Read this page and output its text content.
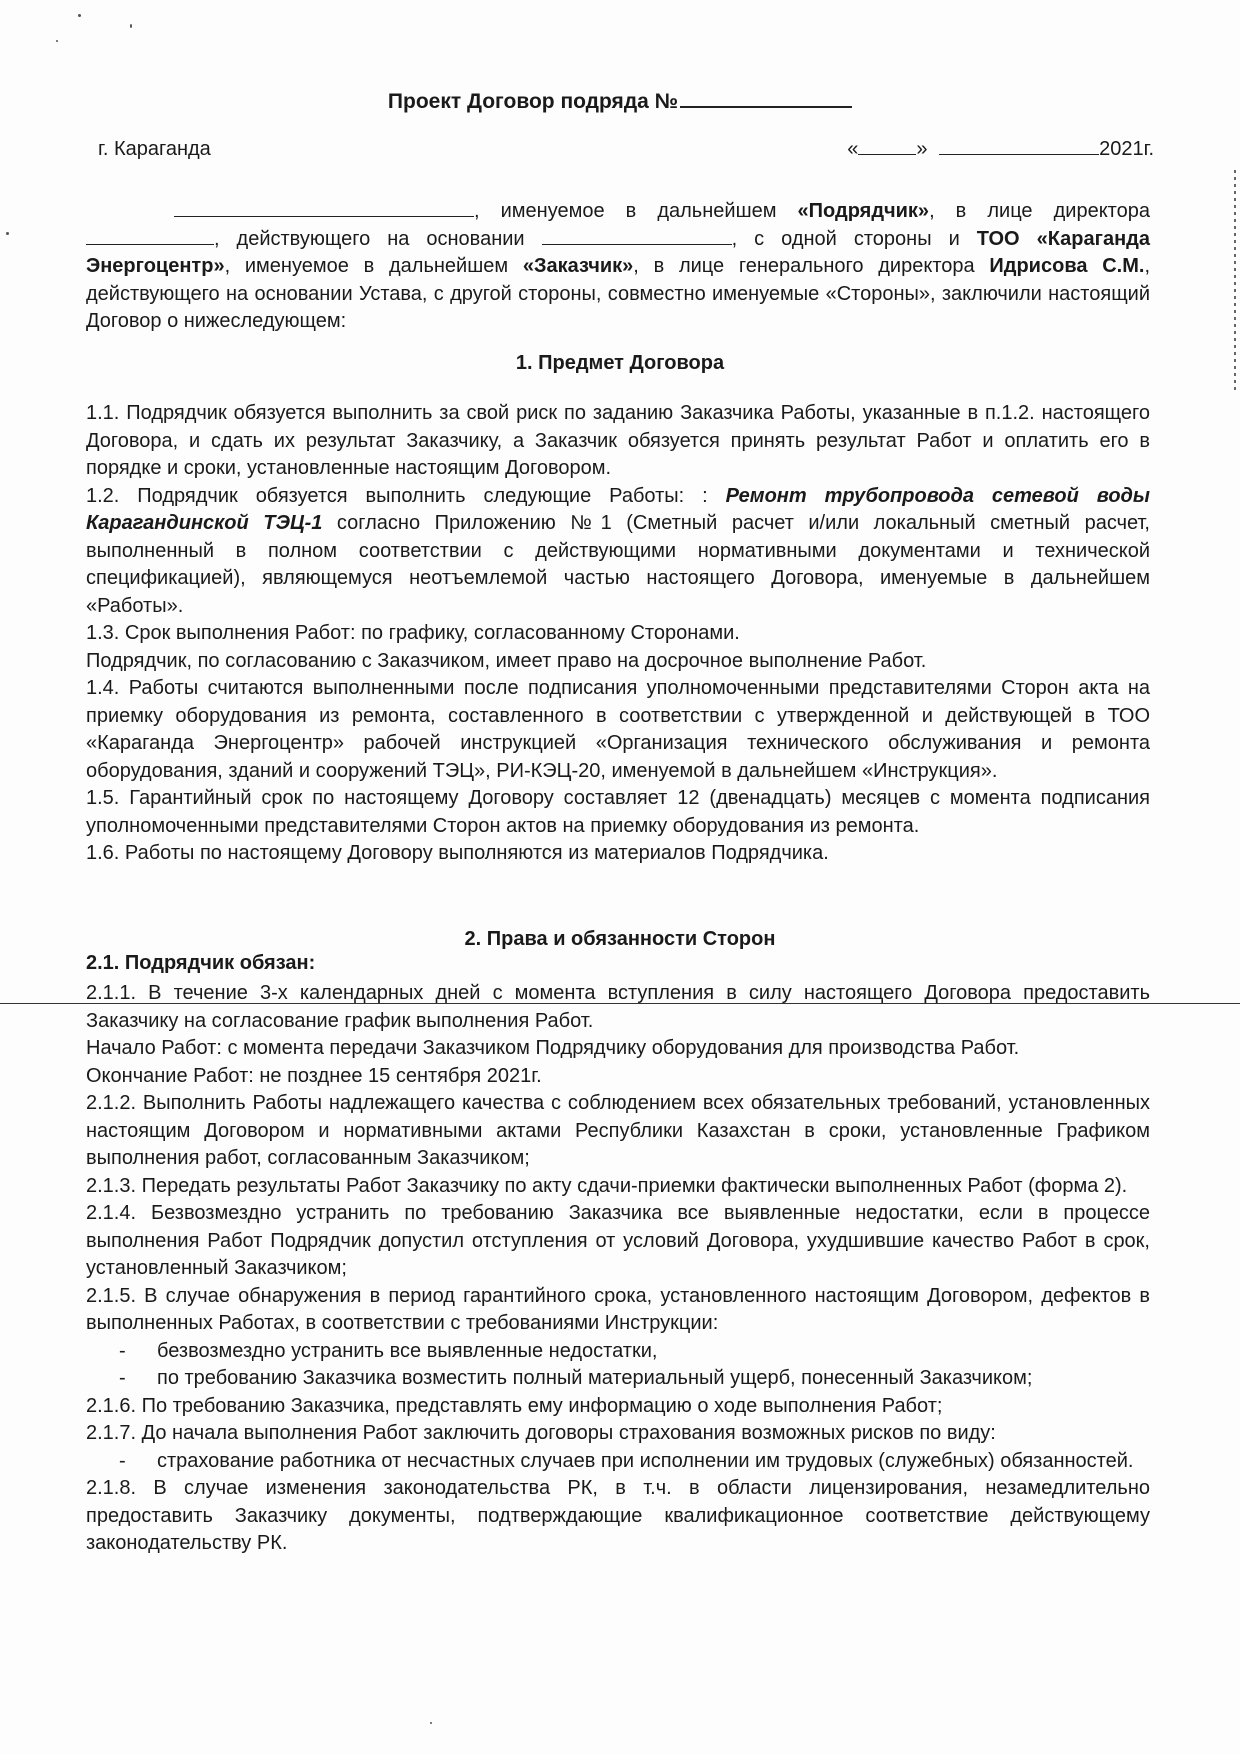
Проект Договор подряда №
г. Караганда	«	»	2021г.

, именуемое в дальнейшем «Подрядчик», в лице директора , действующего на основании	, с одной стороны и ТОО «Караганда Энергоцентр», именуемое в дальнейшем «Заказчик», в лице генерального директора Идрисова С.М., действующего на основании Устава, с другой стороны, совместно именуемые «Стороны», заключили настоящий Договор о нижеследующем:

1. Предмет Договора

1.1. Подрядчик обязуется выполнить за свой риск по заданию Заказчика Работы, указанные в п.1.2. настоящего Договора, и сдать их результат Заказчику, а Заказчик обязуется принять результат Работ и оплатить его в порядке и сроки, установленные настоящим Договором.

1.2. Подрядчик обязуется выполнить следующие Работы: : Ремонт трубопровода сетевой воды Карагандинской ТЭЦ-1 согласно Приложению №1 (Сметный расчет и/или локальный сметный расчет, выполненный в полном соответствии с действующими нормативными документами и технической спецификацией), являющемуся неотъемлемой частью настоящего Договора, именуемые в дальнейшем «Работы».

1.3. Срок выполнения Работ: по графику, согласованному Сторонами.

Подрядчик, по согласованию с Заказчиком, имеет право на досрочное выполнение Работ.

1.4. Работы считаются выполненными после подписания уполномоченными представителями Сторон акта на приемку оборудования из ремонта, составленного в соответствии с утвержденной и действующей в ТОО «Караганда Энергоцентр» рабочей инструкцией «Организация технического обслуживания и ремонта оборудования, зданий и сооружений ТЭЦ», РИ-КЭЦ-20, именуемой в дальнейшем «Инструкция».

1.5. Гарантийный срок по настоящему Договору составляет 12 (двенадцать) месяцев с момента подписания уполномоченными представителями Сторон актов на приемку оборудования из ремонта.

1.6. Работы по настоящему Договору выполняются из материалов Подрядчика.

2. Права и обязанности Сторон
2.1. Подрядчик обязан:

2.1.1. В течение 3-х календарных дней с момента вступления в силу настоящего Договора предоставить Заказчику на согласование график выполнения Работ.

Начало Работ: с момента передачи Заказчиком Подрядчику оборудования для производства Работ.

Окончание Работ: не позднее 15 сентября 2021г.

2.1.2. Выполнить Работы надлежащего качества с соблюдением всех обязательных требований, установленных настоящим Договором и нормативными актами Республики Казахстан в сроки, установленные Графиком выполнения работ, согласованным Заказчиком;

2.1.3. Передать результаты Работ Заказчику по акту сдачи-приемки фактически выполненных Работ (форма 2).

2.1.4. Безвозмездно устранить по требованию Заказчика все выявленные недостатки, если в процессе выполнения Работ Подрядчик допустил отступления от условий Договора, ухудшившие качество Работ в срок, установленный Заказчиком;

2.1.5. В случае обнаружения в период гарантийного срока, установленного настоящим Договором, дефектов в выполненных Работах, в соответствии с требованиями Инструкции:

- безвозмездно устранить все выявленные недостатки,

- по требованию Заказчика возместить полный материальный ущерб, понесенный Заказчиком;

2.1.6. По требованию Заказчика, представлять ему информацию о ходе выполнения Работ;

2.1.7. До начала выполнения Работ заключить договоры страхования возможных рисков по виду:

- страхование работника от несчастных случаев при исполнении им трудовых (служебных) обязанностей.

2.1.8. В случае изменения законодательства РК, в т.ч. в области лицензирования, незамедлительно предоставить Заказчику документы, подтверждающие квалификационное соответствие действующему законодательству РК.
